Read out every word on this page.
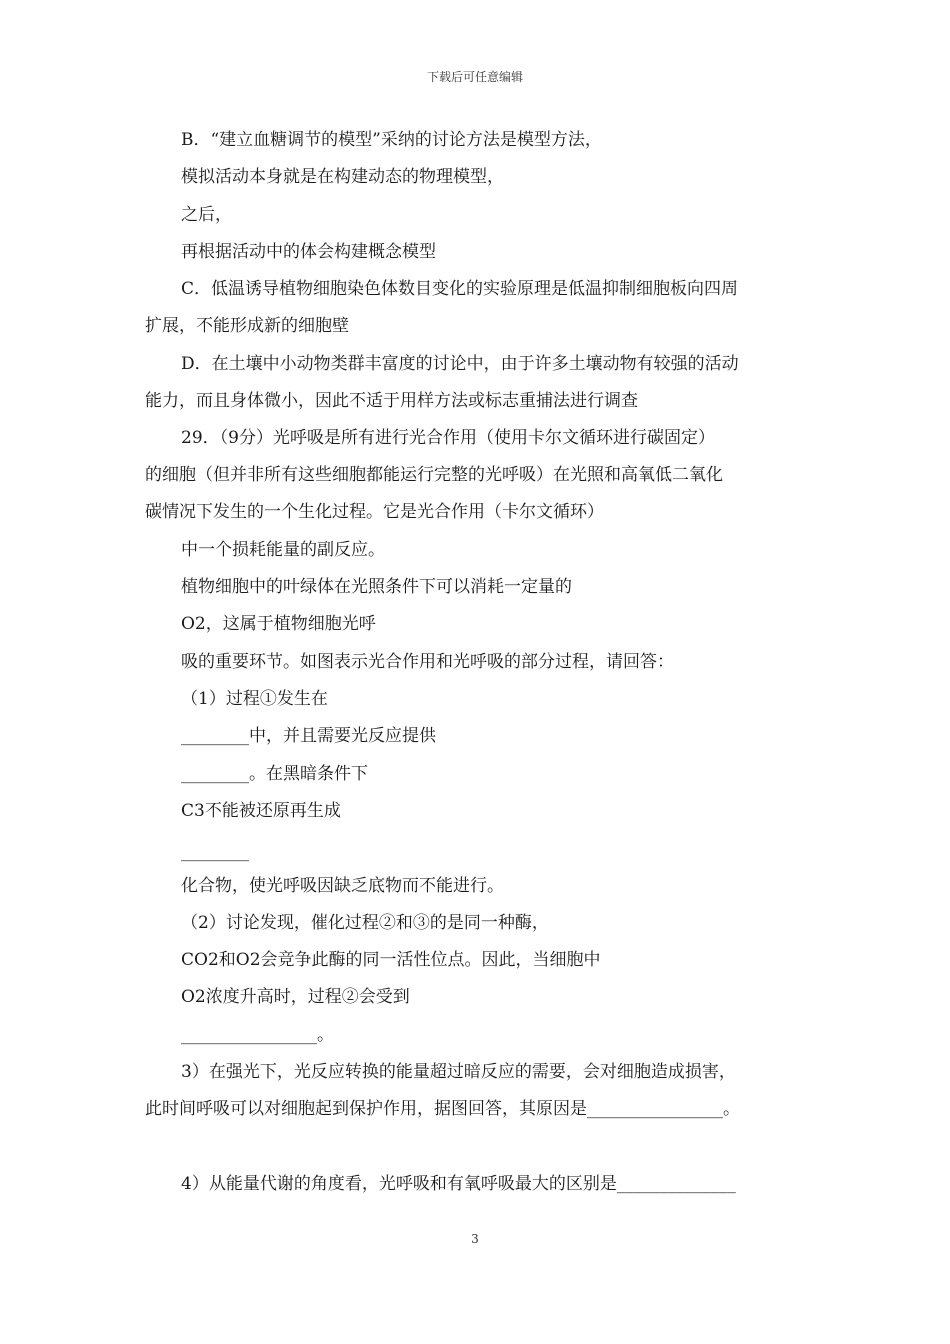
下载后可任意编辑

B．“建立血糖调节的模型”采纳的讨论方法是模型方法，

模拟活动本身就是在构建动态的物理模型，

之后，

再根据活动中的体会构建概念模型

C．低温诱导植物细胞染色体数目变化的实验原理是低温抑制细胞板向四周

扩展，不能形成新的细胞壁

D．在土壤中小动物类群丰富度的讨论中，由于许多土壤动物有较强的活动

能力，而且身体微小，因此不适于用样方法或标志重捕法进行调查

29．（9分）光呼吸是所有进行光合作用（使用卡尔文循环进行碳固定）

的细胞（但并非所有这些细胞都能运行完整的光呼吸）在光照和高氧低二氧化

碳情况下发生的一个生化过程。它是光合作用（卡尔文循环）

中一个损耗能量的副反应。

植物细胞中的叶绿体在光照条件下可以消耗一定量的

O2，这属于植物细胞光呼

吸的重要环节。如图表示光合作用和光呼吸的部分过程，请回答：

（1）过程①发生在

________中，并且需要光反应提供

________。在黑暗条件下

C3不能被还原再生成

________

化合物，使光呼吸因缺乏底物而不能进行。

（2）讨论发现，催化过程②和③的是同一种酶，

CO2和O2会竞争此酶的同一活性位点。因此，当细胞中

O2浓度升高时，过程②会受到

________________。

3）在强光下，光反应转换的能量超过暗反应的需要，会对细胞造成损害，

此时间呼吸可以对细胞起到保护作用，据图回答，其原因是________________。

4）从能量代谢的角度看，光呼吸和有氧呼吸最大的区别是______________

3
